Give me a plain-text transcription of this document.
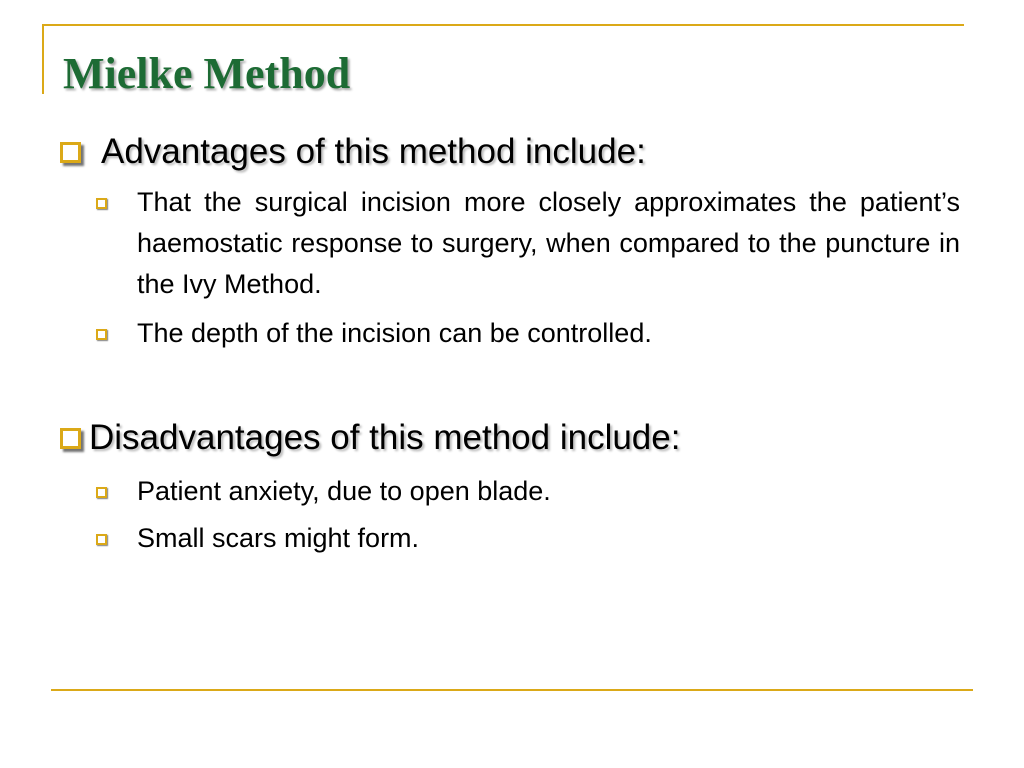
Mielke Method
Advantages of this method include:
That the surgical incision more closely approximates the patient’s haemostatic response to surgery, when compared to the puncture in the Ivy Method.
The depth of the incision can be controlled.
Disadvantages of this method include:
Patient anxiety, due to open blade.
Small scars might form.
